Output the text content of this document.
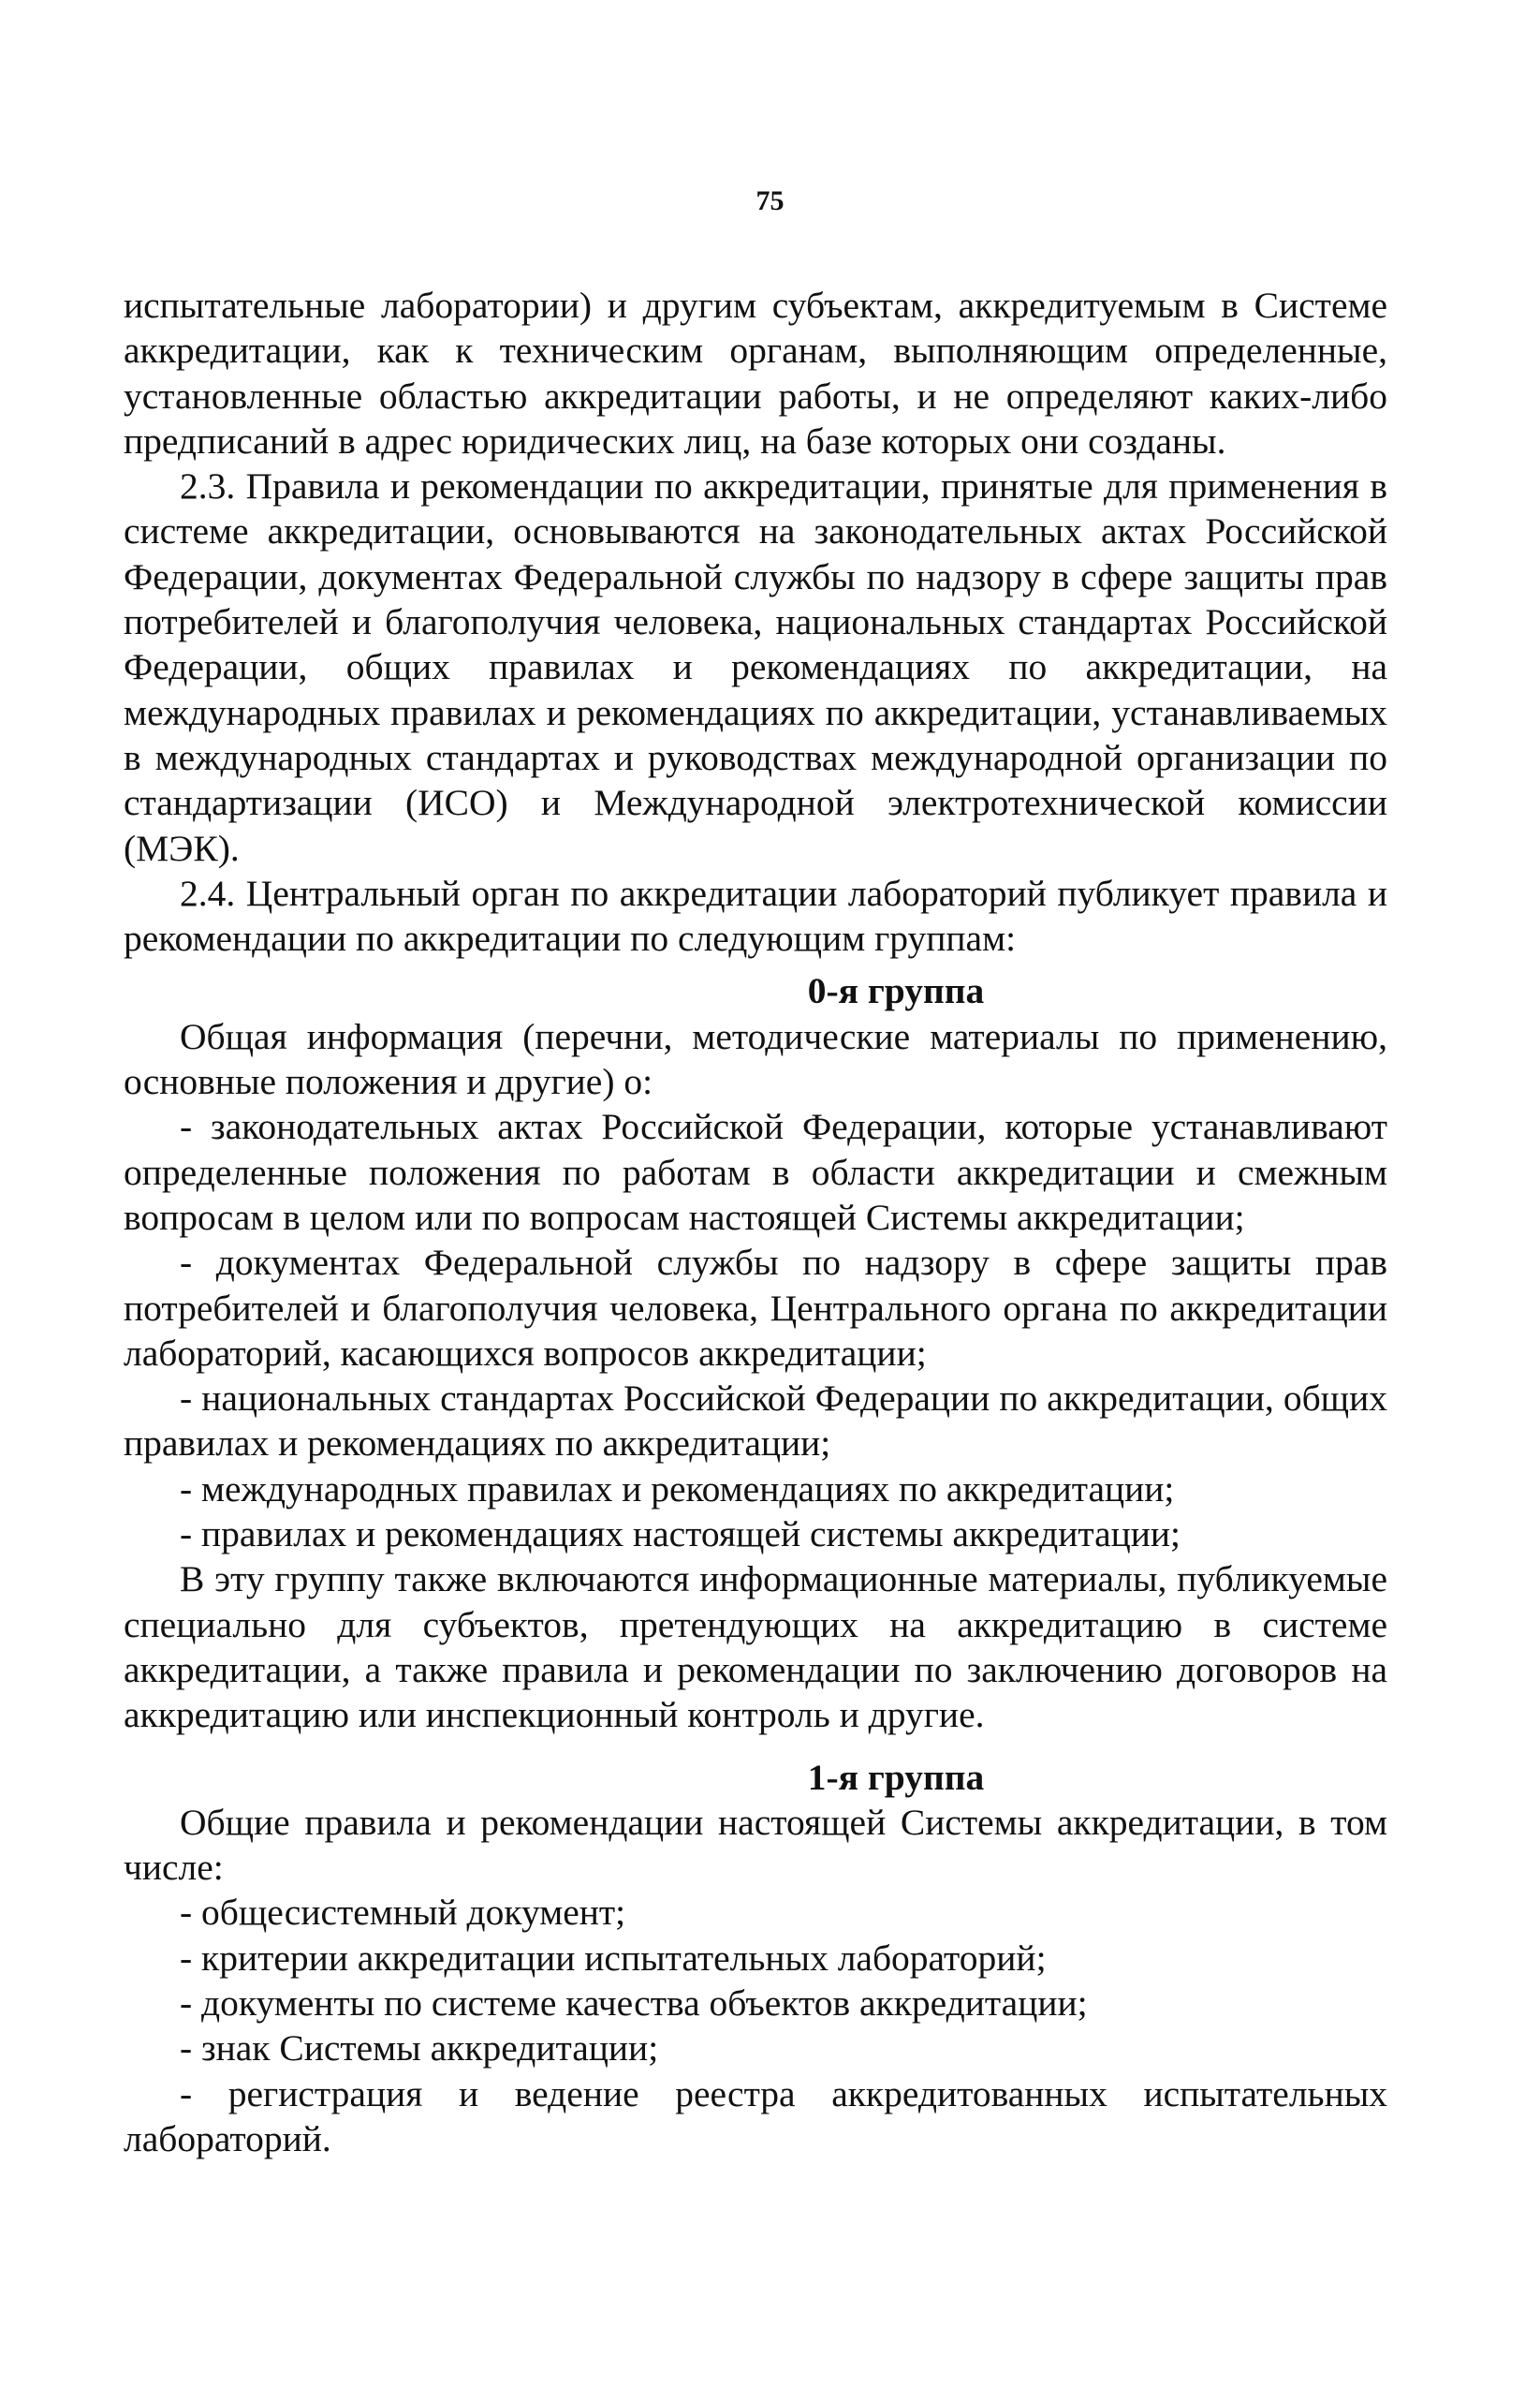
75

испытательные лаборатории) и другим субъектам, аккредитуемым в Системе аккредитации, как к техническим органам, выполняющим определенные, установленные областью аккредитации работы, и не определяют каких-либо предписаний в адрес юридических лиц, на базе которых они созданы.

2.3. Правила и рекомендации по аккредитации, принятые для применения в системе аккредитации, основываются на законодательных актах Российской Федерации, документах Федеральной службы по надзору в сфере защиты прав потребителей и благополучия человека, национальных стандартах Российской Федерации, общих правилах и рекомендациях по аккредитации, на международных правилах и рекомендациях по аккредитации, устанавливаемых в международных стандартах и руководствах международной организации по стандартизации (ИСО) и Международной электротехнической комиссии (МЭК).

2.4. Центральный орган по аккредитации лабораторий публикует правила и рекомендации по аккредитации по следующим группам:

0-я группа

Общая информация (перечни, методические материалы по применению, основные положения и другие) о:

- законодательных актах Российской Федерации, которые устанавливают определенные положения по работам в области аккредитации и смежным вопросам в целом или по вопросам настоящей Системы аккредитации;

- документах Федеральной службы по надзору в сфере защиты прав потребителей и благополучия человека, Центрального органа по аккредитации лабораторий, касающихся вопросов аккредитации;

- национальных стандартах Российской Федерации по аккредитации, общих правилах и рекомендациях по аккредитации;

- международных правилах и рекомендациях по аккредитации;

- правилах и рекомендациях настоящей системы аккредитации;

В эту группу также включаются информационные материалы, публикуемые специально для субъектов, претендующих на аккредитацию в системе аккредитации, а также правила и рекомендации по заключению договоров на аккредитацию или инспекционный контроль и другие.

1-я группа

Общие правила и рекомендации настоящей Системы аккредитации, в том числе:

- общесистемный документ;

- критерии аккредитации испытательных лабораторий;

- документы по системе качества объектов аккредитации;

- знак Системы аккредитации;

- регистрация и ведение реестра аккредитованных испытательных лабораторий.
